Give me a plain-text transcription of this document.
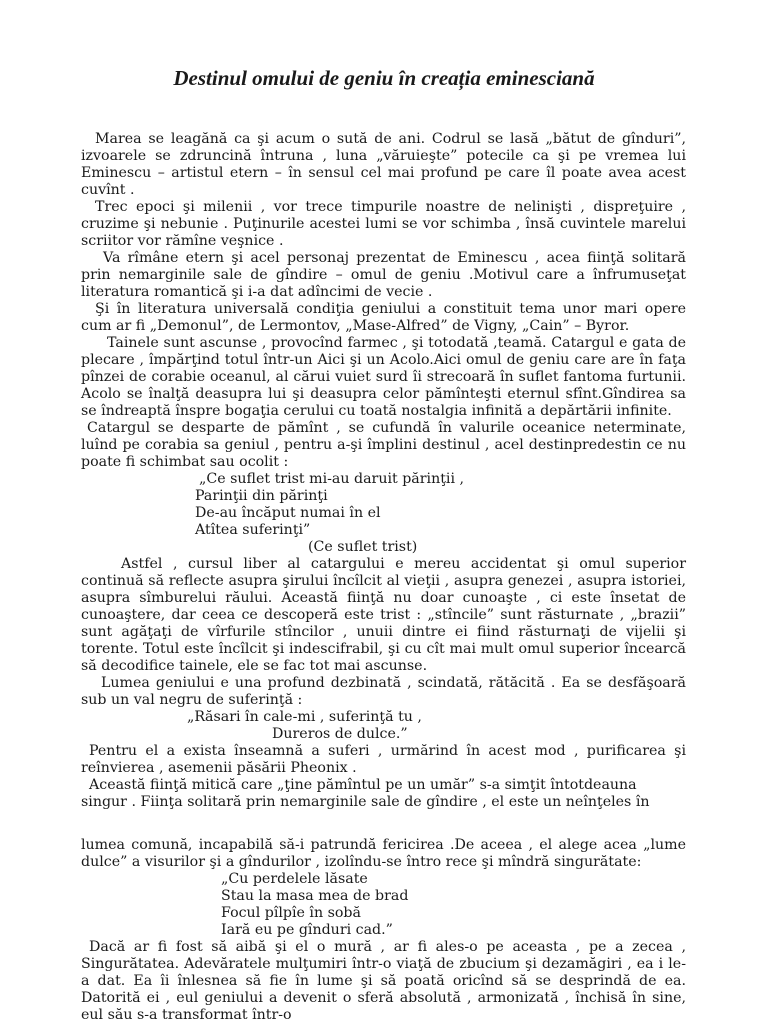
Destinul omului de geniu în creația eminesciană

Marea se leagănă ca şi acum o sută de ani. Codrul se lasă „bătut de gînduri”, izvoarele se zdruncină întruna , luna „văruieşte” potecile ca şi pe vremea lui Eminescu – artistul etern – în sensul cel mai profund pe care îl poate avea acest cuvînt .

Trec epoci şi milenii , vor trece timpurile noastre de nelinişti , dispreţuire , cruzime şi nebunie . Puţinurile acestei lumi se vor schimba , însă cuvintele marelui scriitor vor rămîne veşnice .

Va rîmâne etern şi acel personaj prezentat de Eminescu , acea fiinţă solitară prin nemarginile sale de gîndire – omul de geniu .Motivul care a înfrumuseţat literatura romantică şi i-a dat adîncimi de vecie .

Şi în literatura universală condiţia geniului a constituit tema unor mari opere cum ar fi „Demonul”, de Lermontov, „Mase-Alfred” de Vigny, „Cain” – Byror.

Tainele sunt ascunse , provocînd farmec , şi totodată ,teamă. Catargul e gata de plecare , împărţind totul într-un Aici şi un Acolo.Aici omul de geniu care are în faţa pînzei de corabie oceanul, al cărui vuiet surd îi strecoară în suflet fantoma furtunii. Acolo se înalţă deasupra lui şi deasupra celor pămînteşti eternul sfînt.Gîndirea sa se îndreaptă înspre bogaţia cerului cu toată nostalgia infinită a depărtării infinite.

Catargul se desparte de pămînt , se cufundă în valurile oceanice neterminate, luînd pe corabia sa geniul , pentru a-şi împlini destinul , acel destinpredestin ce nu poate fi schimbat sau ocolit :

„Ce suflet trist mi-au daruit părinţii ,
Parinţii din părinţi
De-au încăput numai în el
Atîtea suferinţi”
(Ce suflet trist)

Astfel , cursul liber al catargului e mereu accidentat şi omul superior continuă să reflecte asupra şirului încîlcit al vieţii , asupra genezei , asupra istoriei, asupra sîmburelui răului. Această fiinţă nu doar cunoaşte , ci este însetat de cunoaştere, dar ceea ce descoperă este trist : „stîncile” sunt răsturnate , „brazii” sunt agăţaţi de vîrfurile stîncilor , unuii dintre ei fiind răsturnaţi de vijelii şi torente. Totul este încîlcit şi indescifrabil, şi cu cît mai mult omul superior încearcă să decodifice tainele, ele se fac tot mai ascunse.

Lumea geniului e una profund dezbinată , scindată, rătăcită . Ea se desfăşoară sub un val negru de suferinţă :

„Răsari în cale-mi , suferinţă tu ,
Dureros de dulce.”

Pentru el a exista înseamnă a suferi , urmărind în acest mod , purificarea şi reînvierea , asemenii păsării Pheonix .

Această fiinţă mitică care „ţine pămîntul pe un umăr” s-a simţit întotdeauna singur . Fiinţa solitară prin nemarginile sale de gîndire , el este un neînţeles în

lumea comună, incapabilă să-i patrundă fericirea .De aceea , el alege acea „lume dulce” a visurilor şi a gîndurilor , izolîndu-se întro rece şi mîndră singurătate:

„Cu perdelele lăsate
Stau la masa mea de brad
Focul pîlpîe în sobă
Iară eu pe gînduri cad.”

Dacă ar fi fost să aibă şi el o mură , ar fi ales-o pe aceasta , pe a zecea , Singurătatea. Adevăratele mulţumiri într-o viaţă de zbucium şi dezamăgiri , ea i le-a dat. Ea îi înlesnea să fie în lume şi să poată oricînd să se desprindă de ea. Datorită ei , eul geniului a devenit o sferă absolută , armonizată , închisă în sine, eul său s-a transformat într-o
